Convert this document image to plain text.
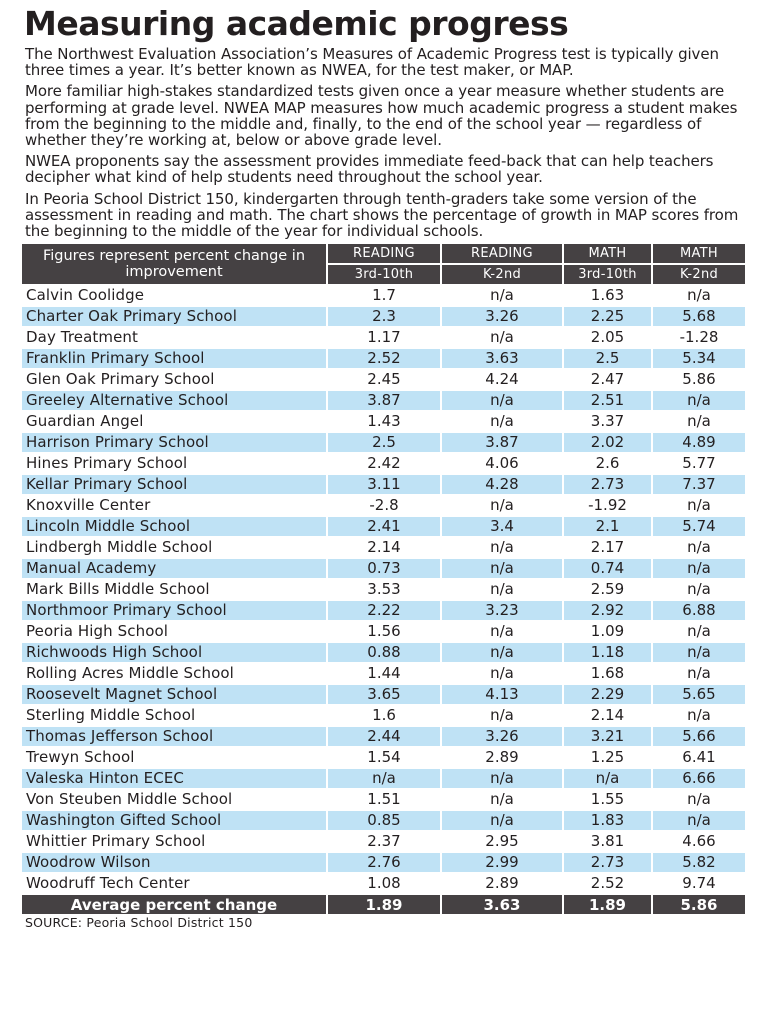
Measuring academic progress

The Northwest Evaluation Association’s Measures of Academic Progress test is typically given three times a year. It’s better known as NWEA, for the test maker, or MAP.

More familiar high-stakes standardized tests given once a year measure whether students are performing at grade level. NWEA MAP measures how much academic progress a student makes from the beginning to the middle and, finally, to the end of the school year — regardless of whether they’re working at, below or above grade level.

NWEA proponents say the assessment provides immediate feed-back that can help teachers decipher what kind of help students need throughout the school year.

In Peoria School District 150, kindergarten through tenth-graders take some version of the assessment in reading and math. The chart shows the percentage of growth in MAP scores from the beginning to the middle of the year for individual schools.

Figures represent percent change in improvement	READING	READING	MATH	MATH
	3rd-10th	K-2nd	3rd-10th	K-2nd
Calvin Coolidge	1.7	n/a	1.63	n/a
Charter Oak Primary School	2.3	3.26	2.25	5.68
Day Treatment	1.17	n/a	2.05	-1.28
Franklin Primary School	2.52	3.63	2.5	5.34
Glen Oak Primary School	2.45	4.24	2.47	5.86
Greeley Alternative School	3.87	n/a	2.51	n/a
Guardian Angel	1.43	n/a	3.37	n/a
Harrison Primary School	2.5	3.87	2.02	4.89
Hines Primary School	2.42	4.06	2.6	5.77
Kellar Primary School	3.11	4.28	2.73	7.37
Knoxville Center	-2.8	n/a	-1.92	n/a
Lincoln Middle School	2.41	3.4	2.1	5.74
Lindbergh Middle School	2.14	n/a	2.17	n/a
Manual Academy	0.73	n/a	0.74	n/a
Mark Bills Middle School	3.53	n/a	2.59	n/a
Northmoor Primary School	2.22	3.23	2.92	6.88
Peoria High School	1.56	n/a	1.09	n/a
Richwoods High School	0.88	n/a	1.18	n/a
Rolling Acres Middle School	1.44	n/a	1.68	n/a
Roosevelt Magnet School	3.65	4.13	2.29	5.65
Sterling Middle School	1.6	n/a	2.14	n/a
Thomas Jefferson School	2.44	3.26	3.21	5.66
Trewyn School	1.54	2.89	1.25	6.41
Valeska Hinton ECEC	n/a	n/a	n/a	6.66
Von Steuben Middle School	1.51	n/a	1.55	n/a
Washington Gifted School	0.85	n/a	1.83	n/a
Whittier Primary School	2.37	2.95	3.81	4.66
Woodrow Wilson	2.76	2.99	2.73	5.82
Woodruff Tech Center	1.08	2.89	2.52	9.74
Average percent change	1.89	3.63	1.89	5.86
SOURCE: Peoria School District 150
